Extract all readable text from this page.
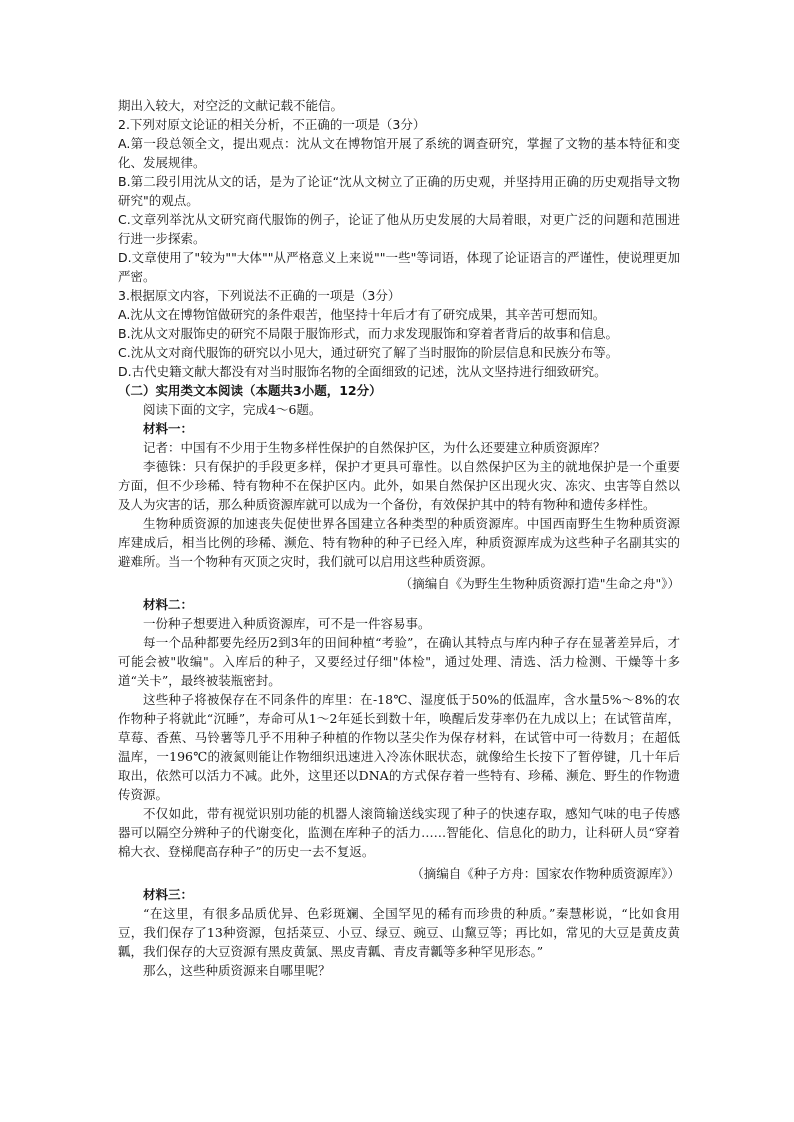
期出入较大，对空泛的文献记载不能信。

2.下列对原文论证的相关分析，不正确的一项是（3分）

A.第一段总领全文，提出观点：沈从文在博物馆开展了系统的调查研究，掌握了文物的基本特征和变化、发展规律。

B.第二段引用沈从文的话，是为了论证“沈从文树立了正确的历史观，并坚持用正确的历史观指导文物研究"的观点。

C.文章列举沈从文研究商代服饰的例子，论证了他从历史发展的大局着眼，对更广泛的问题和范围进行进一步探索。

D.文章使用了"较为""大体""从严格意义上来说""一些"等词语，体现了论证语言的严谨性，使说理更加严密。

3.根据原文内容，下列说法不正确的一项是（3分）

A.沈从文在博物馆做研究的条件艰苦，他坚持十年后才有了研究成果，其辛苦可想而知。

B.沈从文对服饰史的研究不局限于服饰形式，而力求发现服饰和穿着者背后的故事和信息。

C.沈从文对商代服饰的研究以小见大，通过研究了解了当时服饰的阶层信息和民族分布等。

D.古代史籍文献大都没有对当时服饰名物的全面细致的记述，沈从文坚持进行细致研究。

（二）实用类文本阅读（本题共3小题，12分）

阅读下面的文字，完成4～6题。

材料一：

记者：中国有不少用于生物多样性保护的自然保护区，为什么还要建立种质资源库？

李德铢：只有保护的手段更多样，保护才更具可靠性。以自然保护区为主的就地保护是一个重要方面，但不少珍稀、特有物种不在保护区内。此外，如果自然保护区出现火灾、冻灾、虫害等自然以及人为灾害的话，那么种质资源库就可以成为一个备份，有效保护其中的特有物种和遗传多样性。

生物种质资源的加速丧失促使世界各国建立各种类型的种质资源库。中国西南野生生物种质资源库建成后，相当比例的珍稀、濒危、特有物种的种子已经入库，种质资源库成为这些种子名副其实的避难所。当一个物种有灭顶之灾时，我们就可以启用这些种质资源。

（摘编自《为野生生物种质资源打造"生命之舟"》）

材料二：

一份种子想要进入种质资源库，可不是一件容易事。

每一个品种都要先经历2到3年的田间种植“考验”，在确认其特点与库内种子存在显著差异后，才可能会被"收编"。入库后的种子，又要经过仔细"体检"，通过处理、清选、活力检测、干燥等十多道“关卡”，最终被装瓶密封。

这些种子将被保存在不同条件的库里：在-18℃、湿度低于50%的低温库，含水量5%～8%的农作物种子将就此“沉睡”，寿命可从1～2年延长到数十年，唤醒后发芽率仍在九成以上；在试管苗库，草莓、香蕉、马铃薯等几乎不用种子种植的作物以茎尖作为保存材料，在试管中可一待数月；在超低温库，一196℃的液氮则能让作物细织迅速进入冷冻休眠状态，就像给生长按下了暂停键，几十年后取出，依然可以活力不减。此外，这里还以DNA的方式保存着一些特有、珍稀、濒危、野生的作物遗传资源。

不仅如此，带有视觉识别功能的机器人滚筒输送线实现了种子的快速存取，感知气味的电子传感器可以隔空分辨种子的代谢变化，监测在库种子的活力……智能化、信息化的助力，让科研人员“穿着棉大衣、登梯爬高存种子”的历史一去不复返。

（摘编自《种子方舟：国家农作物种质资源库》）

材料三：

“在这里，有很多品质优异、色彩斑斓、全国罕见的稀有而珍贵的种质。”秦慧彬说，“比如食用豆，我们保存了13种资源，包括菜豆、小豆、绿豆、豌豆、山黧豆等；再比如，常见的大豆是黄皮黄瓤，我们保存的大豆资源有黑皮黄氯、黑皮青瓤、青皮青瓤等多种罕见形态。”

那么，这些种质资源来自哪里呢？
